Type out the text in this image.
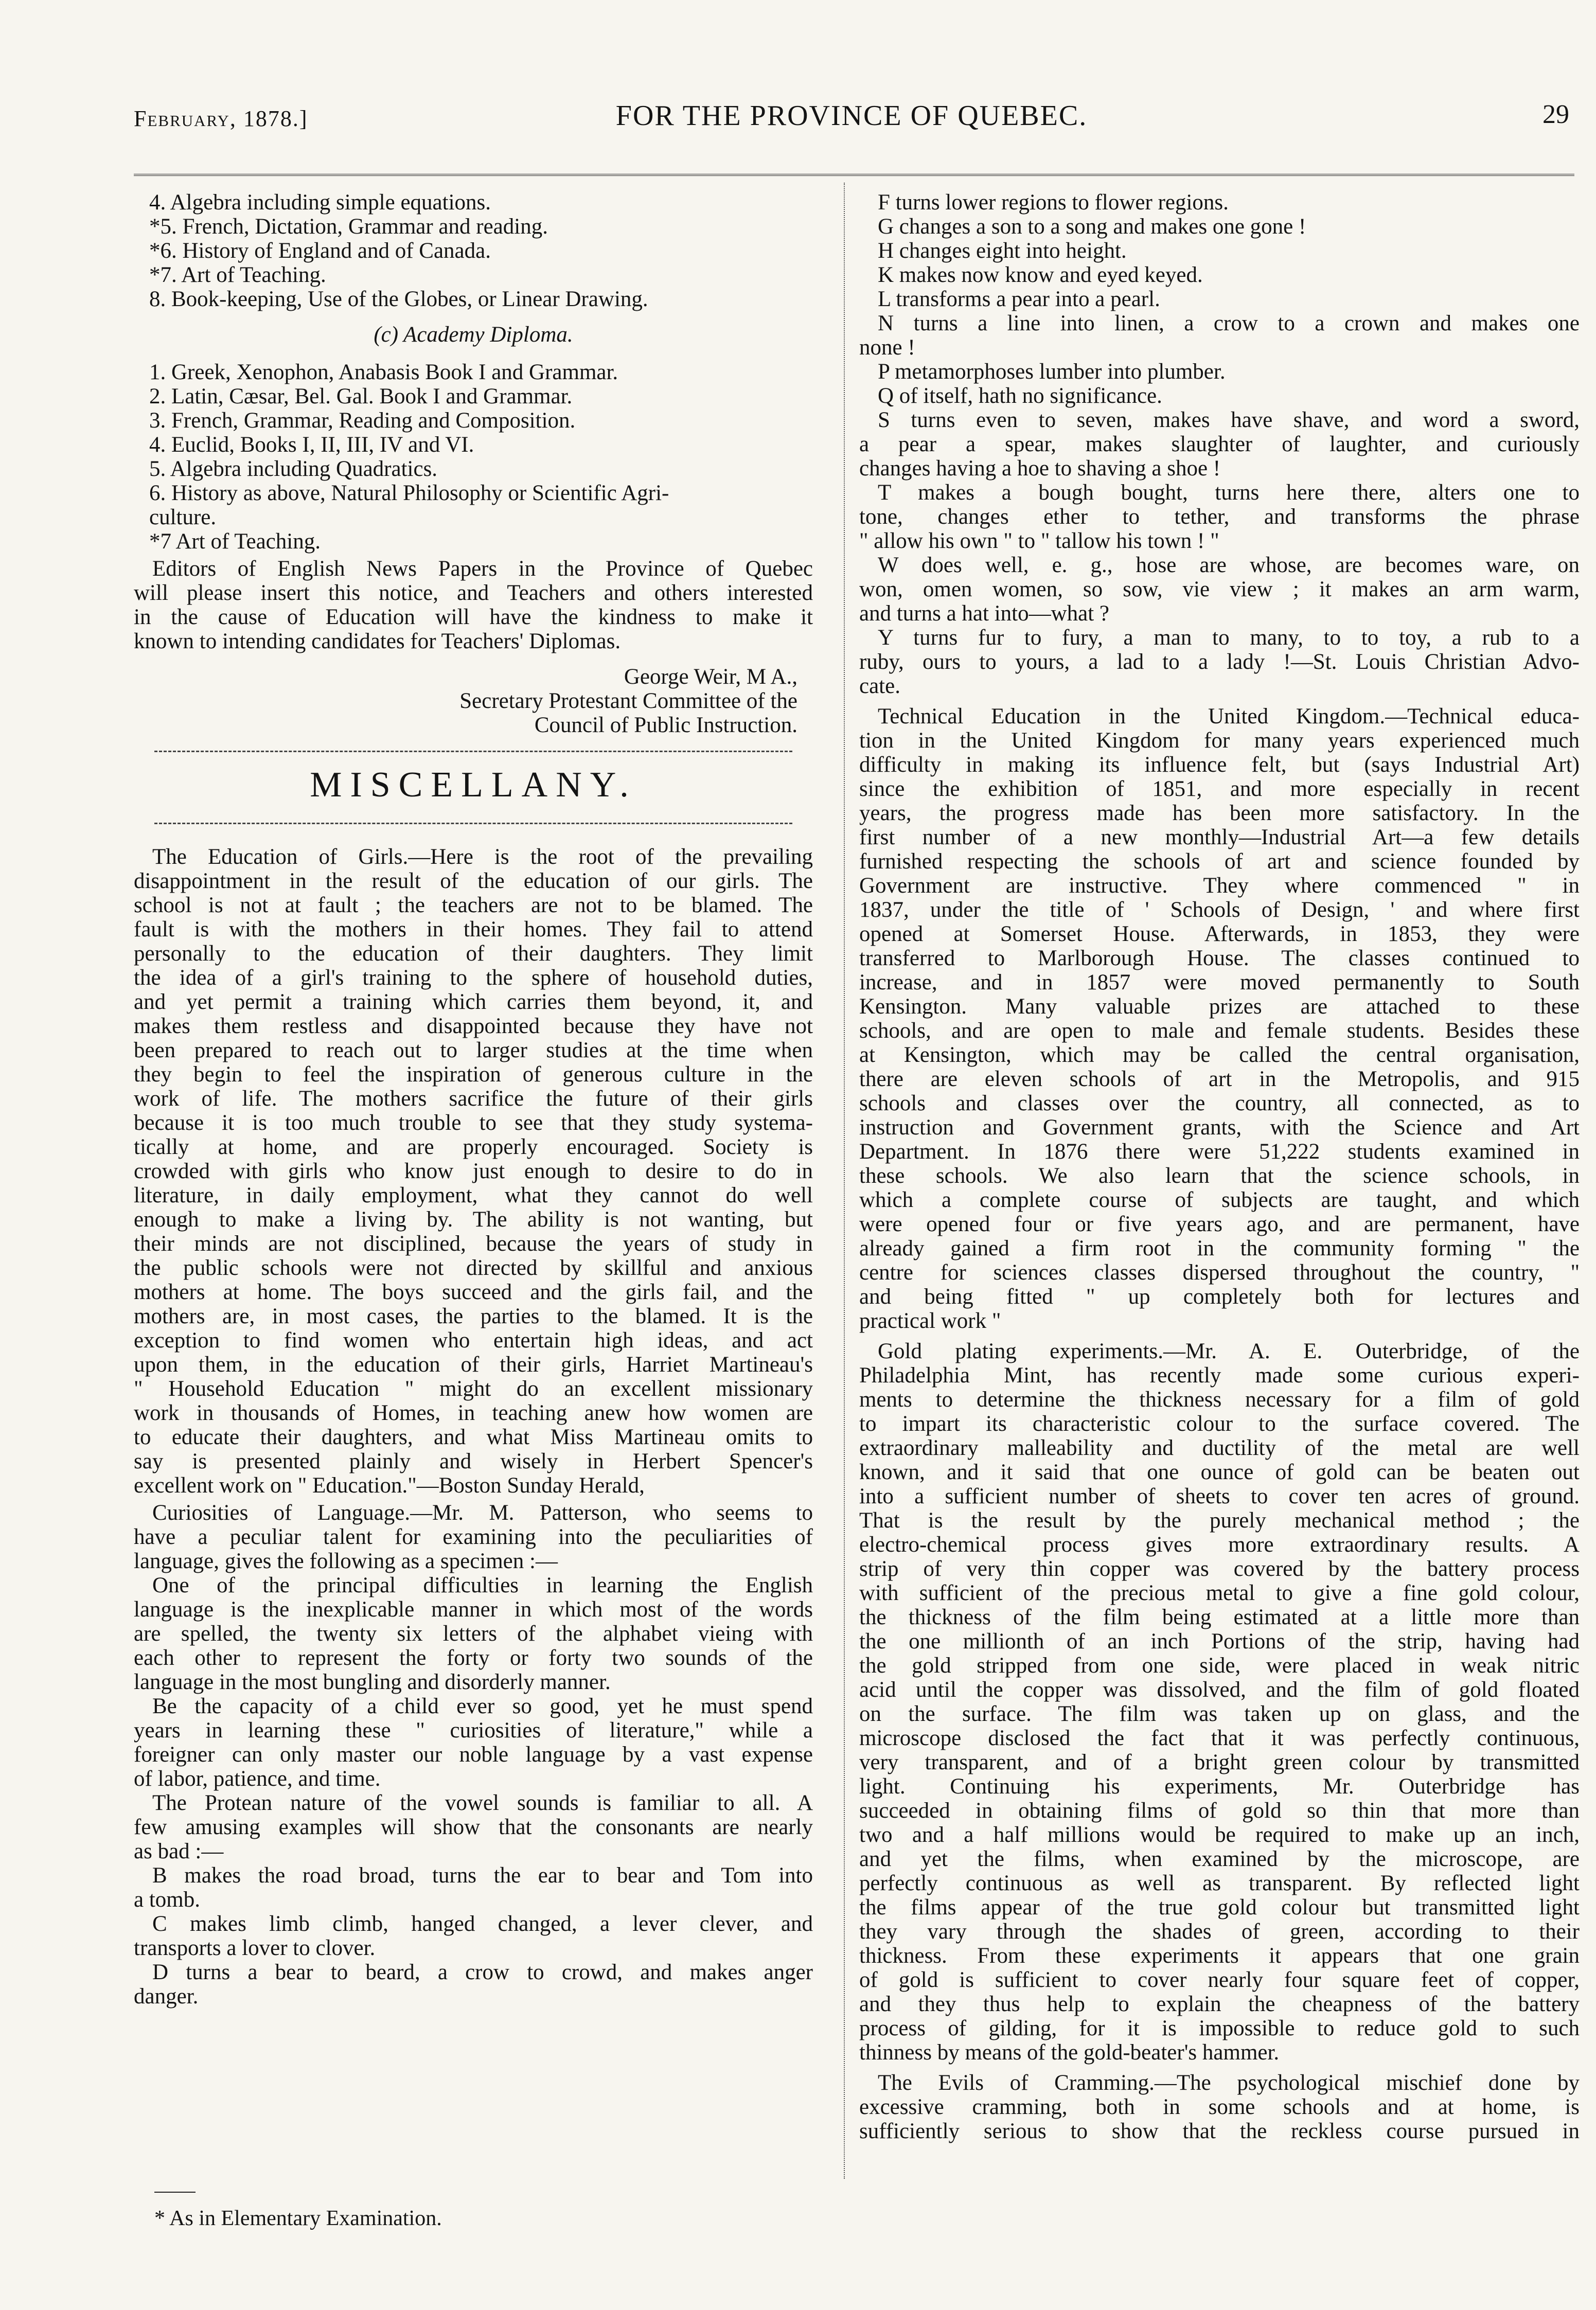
February, 1878.]	FOR THE PROVINCE OF QUEBEC.	29
4. Algebra including simple equations.
*5. French, Dictation, Grammar and reading.
*6. History of England and of Canada.
*7. Art of Teaching.
8. Book-keeping, Use of the Globes, or Linear Drawing.
(c) Academy Diploma.
1. Greek, Xenophon, Anabasis Book I and Grammar.
2. Latin, Cæsar, Bel. Gal. Book I and Grammar.
3. French, Grammar, Reading and Composition.
4. Euclid, Books I, II, III, IV and VI.
5. Algebra including Quadratics.
6. History as above, Natural Philosophy or Scientific Agri-
culture.
*7 Art of Teaching.
Editors of English News Papers in the Province of Quebec
will please insert this notice, and Teachers and others interested
in the cause of Education will have the kindness to make it
known to intending candidates for Teachers' Diplomas.
George Weir, M A.,
Secretary Protestant Committee of the
Council of Public Instruction.
MISCELLANY.
The Education of Girls.—Here is the root of the prevailing
disappointment in the result of the education of our girls. The
school is not at fault ; the teachers are not to be blamed. The
fault is with the mothers in their homes. They fail to attend
personally to the education of their daughters. They limit
the idea of a girl's training to the sphere of household duties,
and yet permit a training which carries them beyond, it, and
makes them restless and disappointed because they have not
been prepared to reach out to larger studies at the time when
they begin to feel the inspiration of generous culture in the
work of life. The mothers sacrifice the future of their girls
because it is too much trouble to see that they study systema-
tically at home, and are properly encouraged. Society is
crowded with girls who know just enough to desire to do in
literature, in daily employment, what they cannot do well
enough to make a living by. The ability is not wanting, but
their minds are not disciplined, because the years of study in
the public schools were not directed by skillful and anxious
mothers at home. The boys succeed and the girls fail, and the
mothers are, in most cases, the parties to the blamed. It is the
exception to find women who entertain high ideas, and act
upon them, in the education of their girls, Harriet Martineau's
" Household Education " might do an excellent missionary
work in thousands of Homes, in teaching anew how women are
to educate their daughters, and what Miss Martineau omits to
say is presented plainly and wisely in Herbert Spencer's
excellent work on " Education."—Boston Sunday Herald,
Curiosities of Language.—Mr. M. Patterson, who seems to
have a peculiar talent for examining into the peculiarities of
language, gives the following as a specimen :—
One of the principal difficulties in learning the English
language is the inexplicable manner in which most of the words
are spelled, the twenty six letters of the alphabet vieing with
each other to represent the forty or forty two sounds of the
language in the most bungling and disorderly manner.
Be the capacity of a child ever so good, yet he must spend
years in learning these " curiosities of literature," while a
foreigner can only master our noble language by a vast expense
of labor, patience, and time.
The Protean nature of the vowel sounds is familiar to all. A
few amusing examples will show that the consonants are nearly
as bad :—
B makes the road broad, turns the ear to bear and Tom into
a tomb.
C makes limb climb, hanged changed, a lever clever, and
transports a lover to clover.
D turns a bear to beard, a crow to crowd, and makes anger
danger.
F turns lower regions to flower regions.
G changes a son to a song and makes one gone !
H changes eight into height.
K makes now know and eyed keyed.
L transforms a pear into a pearl.
N turns a line into linen, a crow to a crown and makes one
none !
P metamorphoses lumber into plumber.
Q of itself, hath no significance.
S turns even to seven, makes have shave, and word a sword,
a pear a spear, makes slaughter of laughter, and curiously
changes having a hoe to shaving a shoe !
T makes a bough bought, turns here there, alters one to
tone, changes ether to tether, and transforms the phrase
" allow his own " to " tallow his town ! "
W does well, e. g., hose are whose, are becomes ware, on
won, omen women, so sow, vie view ; it makes an arm warm,
and turns a hat into—what ?
Y turns fur to fury, a man to many, to to toy, a rub to a
ruby, ours to yours, a lad to a lady !—St. Louis Christian Advo-
cate.
Technical Education in the United Kingdom.—Technical educa-
tion in the United Kingdom for many years experienced much
difficulty in making its influence felt, but (says Industrial Art)
since the exhibition of 1851, and more especially in recent
years, the progress made has been more satisfactory. In the
first number of a new monthly—Industrial Art—a few details
furnished respecting the schools of art and science founded by
Government are instructive. They where commenced " in
1837, under the title of ' Schools of Design, ' and where first
opened at Somerset House. Afterwards, in 1853, they were
transferred to Marlborough House. The classes continued to
increase, and in 1857 were moved permanently to South
Kensington. Many valuable prizes are attached to these
schools, and are open to male and female students. Besides these
at Kensington, which may be called the central organisation,
there are eleven schools of art in the Metropolis, and 915
schools and classes over the country, all connected, as to
instruction and Government grants, with the Science and Art
Department. In 1876 there were 51,222 students examined in
these schools. We also learn that the science schools, in
which a complete course of subjects are taught, and which
were opened four or five years ago, and are permanent, have
already gained a firm root in the community forming " the
centre for sciences classes dispersed throughout the country, "
and being fitted " up completely both for lectures and
practical work "
Gold plating experiments.—Mr. A. E. Outerbridge, of the
Philadelphia Mint, has recently made some curious experi-
ments to determine the thickness necessary for a film of gold
to impart its characteristic colour to the surface covered. The
extraordinary malleability and ductility of the metal are well
known, and it said that one ounce of gold can be beaten out
into a sufficient number of sheets to cover ten acres of ground.
That is the result by the purely mechanical method ; the
electro-chemical process gives more extraordinary results. A
strip of very thin copper was covered by the battery process
with sufficient of the precious metal to give a fine gold colour,
the thickness of the film being estimated at a little more than
the one millionth of an inch Portions of the strip, having had
the gold stripped from one side, were placed in weak nitric
acid until the copper was dissolved, and the film of gold floated
on the surface. The film was taken up on glass, and the
microscope disclosed the fact that it was perfectly continuous,
very transparent, and of a bright green colour by transmitted
light. Continuing his experiments, Mr. Outerbridge has
succeeded in obtaining films of gold so thin that more than
two and a half millions would be required to make up an inch,
and yet the films, when examined by the microscope, are
perfectly continuous as well as transparent. By reflected light
the films appear of the true gold colour but transmitted light
they vary through the shades of green, according to their
thickness. From these experiments it appears that one grain
of gold is sufficient to cover nearly four square feet of copper,
and they thus help to explain the cheapness of the battery
process of gilding, for it is impossible to reduce gold to such
thinness by means of the gold-beater's hammer.
The Evils of Cramming.—The psychological mischief done by
excessive cramming, both in some schools and at home, is
sufficiently serious to show that the reckless course pursued in
* As in Elementary Examination.
